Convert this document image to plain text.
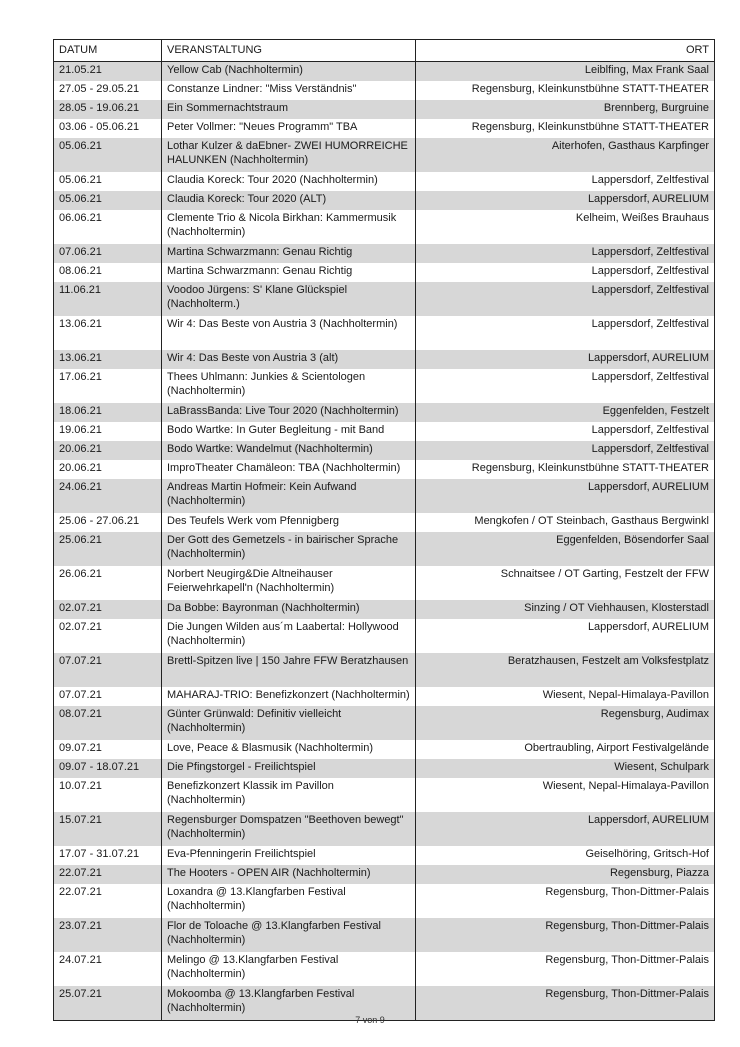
DATUM	VERANSTALTUNG	ORT
21.05.21	Yellow Cab (Nachholtermin)	Leiblfing, Max Frank Saal
27.05 - 29.05.21	Constanze Lindner: "Miss Verständnis"	Regensburg, Kleinkunstbühne STATT-THEATER
28.05 - 19.06.21	Ein Sommernachtstraum	Brennberg, Burgruine
03.06 - 05.06.21	Peter Vollmer: "Neues Programm" TBA	Regensburg, Kleinkunstbühne STATT-THEATER
05.06.21	Lothar Kulzer & daEbner- ZWEI HUMORREICHE HALUNKEN (Nachholtermin)	Aiterhofen, Gasthaus Karpfinger
05.06.21	Claudia Koreck: Tour 2020 (Nachholtermin)	Lappersdorf, Zeltfestival
05.06.21	Claudia Koreck: Tour 2020 (ALT)	Lappersdorf, AURELIUM
06.06.21	Clemente Trio & Nicola Birkhan: Kammermusik (Nachholtermin)	Kelheim, Weißes Brauhaus
07.06.21	Martina Schwarzmann: Genau Richtig	Lappersdorf, Zeltfestival
08.06.21	Martina Schwarzmann: Genau Richtig	Lappersdorf, Zeltfestival
11.06.21	Voodoo Jürgens: S' Klane Glückspiel (Nachholterm.)	Lappersdorf, Zeltfestival
13.06.21	Wir 4: Das Beste von Austria 3 (Nachholtermin)	Lappersdorf, Zeltfestival
13.06.21	Wir 4: Das Beste von Austria 3 (alt)	Lappersdorf, AURELIUM
17.06.21	Thees Uhlmann: Junkies & Scientologen (Nachholtermin)	Lappersdorf, Zeltfestival
18.06.21	LaBrassBanda: Live Tour 2020 (Nachholtermin)	Eggenfelden, Festzelt
19.06.21	Bodo Wartke: In Guter Begleitung - mit Band	Lappersdorf, Zeltfestival
20.06.21	Bodo Wartke: Wandelmut (Nachholtermin)	Lappersdorf, Zeltfestival
20.06.21	ImproTheater Chamäleon: TBA (Nachholtermin)	Regensburg, Kleinkunstbühne STATT-THEATER
24.06.21	Andreas Martin Hofmeir: Kein Aufwand (Nachholtermin)	Lappersdorf, AURELIUM
25.06 - 27.06.21	Des Teufels Werk vom Pfennigberg	Mengkofen / OT Steinbach, Gasthaus Bergwinkl
25.06.21	Der Gott des Gemetzels - in bairischer Sprache (Nachholtermin)	Eggenfelden, Bösendorfer Saal
26.06.21	Norbert Neugirg&Die Altneihauser Feierwehrkapell'n (Nachholtermin)	Schnaitsee / OT Garting, Festzelt der FFW
02.07.21	Da Bobbe: Bayronman (Nachholtermin)	Sinzing / OT Viehhausen, Klosterstadl
02.07.21	Die Jungen Wilden aus´m Laabertal: Hollywood (Nachholtermin)	Lappersdorf, AURELIUM
07.07.21	Brettl-Spitzen live | 150 Jahre FFW Beratzhausen	Beratzhausen, Festzelt am Volksfestplatz
07.07.21	MAHARAJ-TRIO: Benefizkonzert (Nachholtermin)	Wiesent, Nepal-Himalaya-Pavillon
08.07.21	Günter Grünwald: Definitiv vielleicht (Nachholtermin)	Regensburg, Audimax
09.07.21	Love, Peace & Blasmusik (Nachholtermin)	Obertraubling, Airport Festivalgelände
09.07 - 18.07.21	Die Pfingstorgel - Freilichtspiel	Wiesent, Schulpark
10.07.21	Benefizkonzert Klassik im Pavillon (Nachholtermin)	Wiesent, Nepal-Himalaya-Pavillon
15.07.21	Regensburger Domspatzen "Beethoven bewegt" (Nachholtermin)	Lappersdorf, AURELIUM
17.07 - 31.07.21	Eva-Pfenningerin Freilichtspiel	Geiselhöring, Gritsch-Hof
22.07.21	The Hooters - OPEN AIR (Nachholtermin)	Regensburg, Piazza
22.07.21	Loxandra @ 13.Klangfarben Festival (Nachholtermin)	Regensburg, Thon-Dittmer-Palais
23.07.21	Flor de Toloache @ 13.Klangfarben Festival (Nachholtermin)	Regensburg, Thon-Dittmer-Palais
24.07.21	Melingo @ 13.Klangfarben Festival (Nachholtermin)	Regensburg, Thon-Dittmer-Palais
25.07.21	Mokoomba @ 13.Klangfarben Festival (Nachholtermin)	Regensburg, Thon-Dittmer-Palais
7 von 9
